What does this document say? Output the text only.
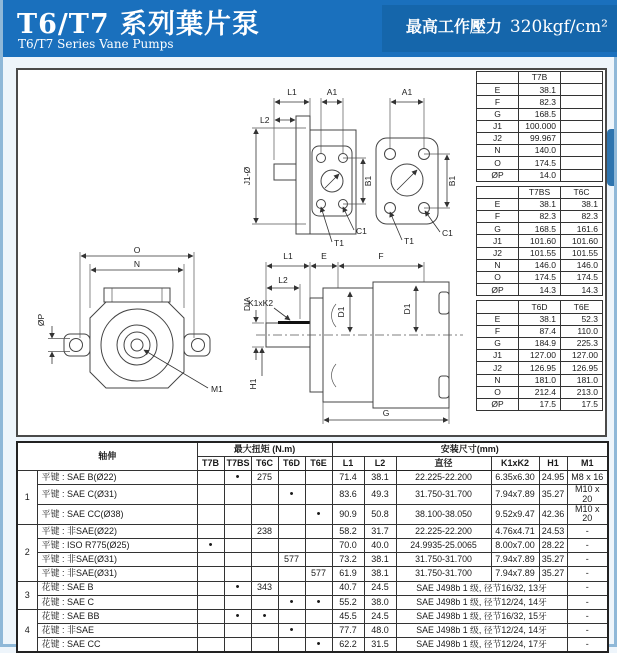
T6/T7 系列葉片泵
T6/T7 Series Vane Pumps
最高工作壓力 320kgf/cm²
J1-Ø
L1
L2
A1
B1
A1
B1
C1	C1
T1	T1
O
N
ØP
M1
L1	E	F
L2
K1xK2
D1	D1
DIA
H1
G
	T7B	
E	38.1	
F	82.3	
G	168.5	
J1	100.000	
J2	99.967	
N	140.0	
O	174.5	
ØP	14.0	
	T7BS	T6C
E	38.1	38.1
F	82.3	82.3
G	168.5	161.6
J1	101.60	101.60
J2	101.55	101.55
N	146.0	146.0
O	174.5	174.5
ØP	14.3	14.3
	T6D	T6E
E	38.1	52.3
F	87.4	110.0
G	184.9	225.3
J1	127.00	127.00
J2	126.95	126.95
N	181.0	181.0
O	212.4	213.0
ØP	17.5	17.5
轴伸		最大扭矩 (N.m)					安装尺寸(mm)					
		T7B	T7BS	T6C	T6D	T6E	L1	L2	直径	K1xK2	H1	M1
1	平键 : SAE B(Ø22)		•	275			71.4	38.1	22.225-22.200	6.35x6.30	24.95	M8 x 16
	平键 : SAE C(Ø31)				•		83.6	49.3	31.750-31.700	7.94x7.89	35.27	M10 x 20
	平键 : SAE CC(Ø38)					•	90.9	50.8	38.100-38.050	9.52x9.47	42.36	M10 x 20
2	平键 : 非SAE(Ø22)			238			58.2	31.7	22.225-22.200	4.76x4.71	24.53	-
	平键 : ISO R775(Ø25)	•					70.0	40.0	24.9935-25.0065	8.00x7.00	28.22	-
	平键 : 非SAE(Ø31)				577		73.2	38.1	31.750-31.700	7.94x7.89	35.27	-
	平键 : 非SAE(Ø31)					577	61.9	38.1	31.750-31.700	7.94x7.89	35.27	-
3	花键 : SAE B		•	343			40.7	24.5	SAE J498b 1 级, 径节16/32, 13牙			-
	花键 : SAE C				•	•	55.2	38.0	SAE J498b 1 级, 径节12/24, 14牙			-
4	花键 : SAE BB		•	•			45.5	24.5	SAE J498b 1 级, 径节16/32, 15牙			-
	花键 : 非SAE				•		77.7	48.0	SAE J498b 1 级, 径节12/24, 14牙			-
	花键 : SAE CC					•	62.2	31.5	SAE J498b 1 级, 径节12/24, 17牙			-
